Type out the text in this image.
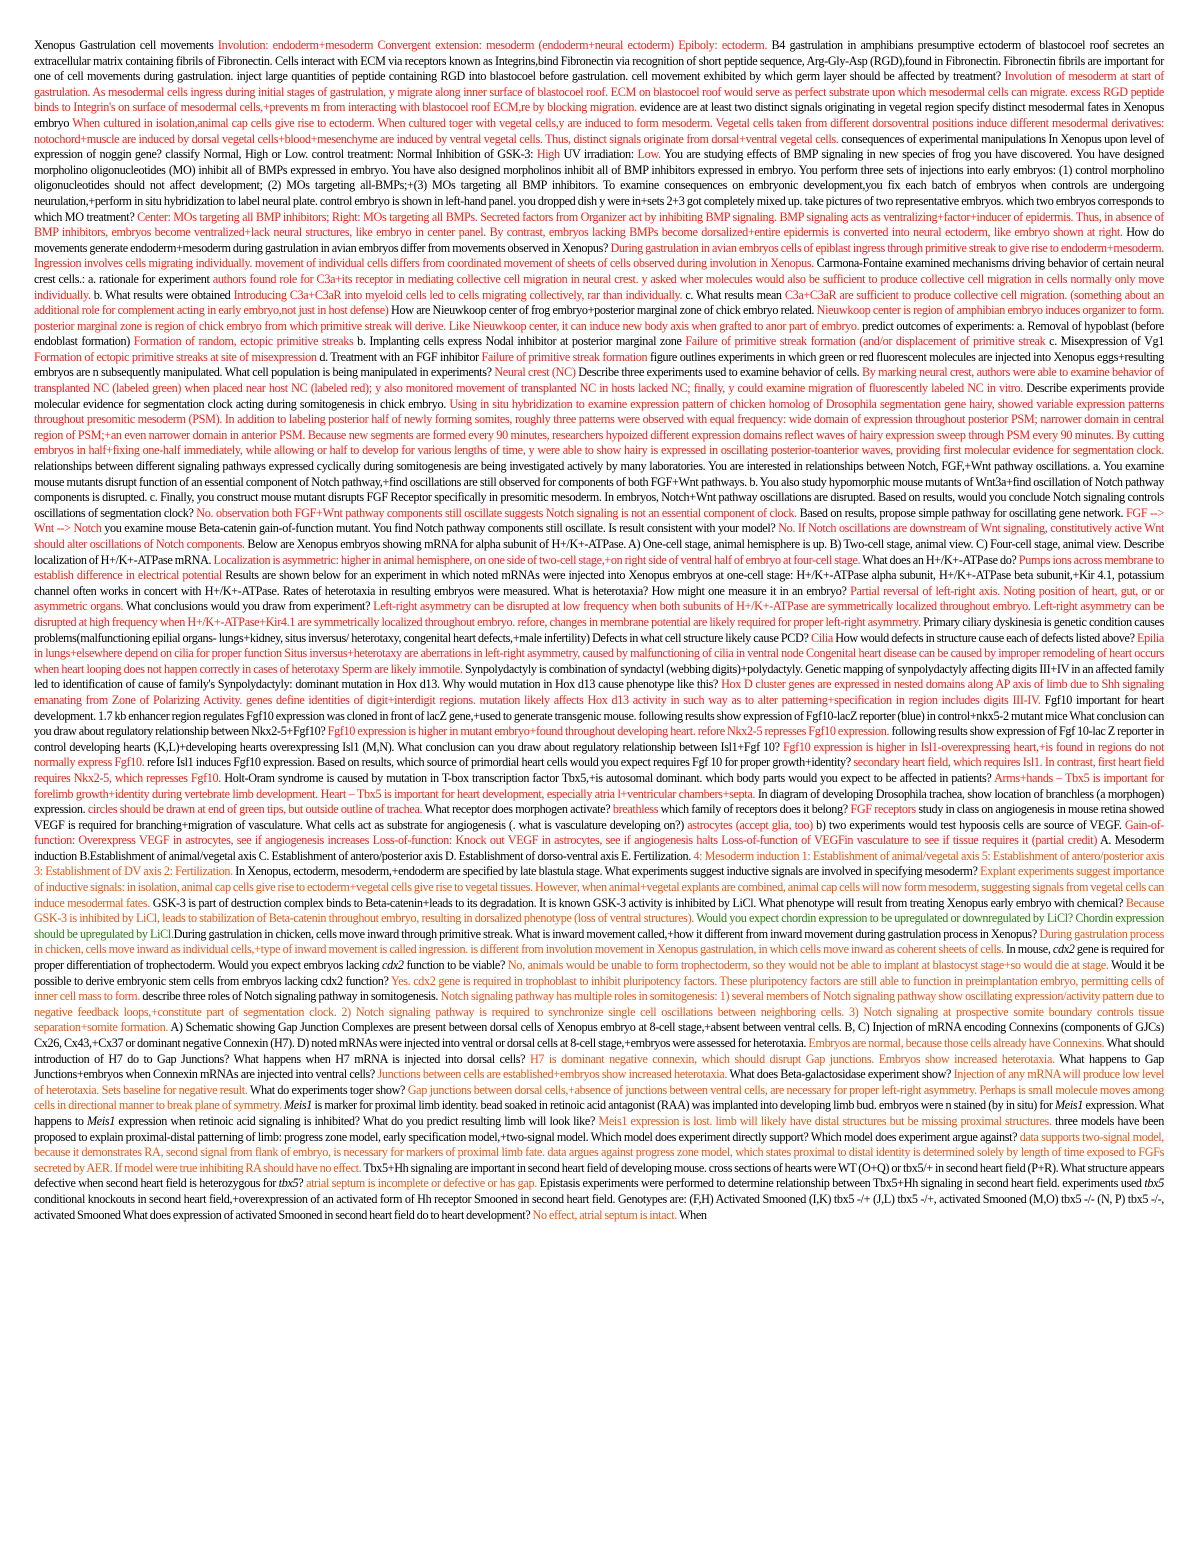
Xenopus Gastrulation cell movements Involution: endoderm+mesoderm Convergent extension: mesoderm (endoderm+neural ectoderm) Epiboly: ectoderm. B4 gastrulation in amphibians presumptive ectoderm of blastocoel roof secretes an extracellular matrix containing fibrils of Fibronectin. Cells interact with ECM via receptors known as Integrins,bind Fibronectin via recognition of short peptide sequence, Arg-Gly-Asp (RGD),found in Fibronectin. Fibronectin fibrils are important for one of cell movements during gastrulation. inject large quantities of peptide containing RGD into blastocoel before gastrulation. cell movement exhibited by which germ layer should be affected by treatment? Involution of mesoderm at start of gastrulation. As mesodermal cells ingress during initial stages of gastrulation, y migrate along inner surface of blastocoel roof. ECM on blastocoel roof would serve as perfect substrate upon which mesodermal cells can migrate. excess RGD peptide binds to Integrin's on surface of mesodermal cells,+prevents m from interacting with blastocoel roof ECM,re by blocking migration. evidence are at least two distinct signals originating in vegetal region specify distinct mesodermal fates in Xenopus embryo When cultured in isolation,animal cap cells give rise to ectoderm. When cultured toger with vegetal cells,y are induced to form mesoderm. Vegetal cells taken from different dorsoventral positions induce different mesodermal derivatives: notochord+muscle are induced by dorsal vegetal cells+blood+mesenchyme are induced by ventral vegetal cells. Thus, distinct signals originate from dorsal+ventral vegetal cells. consequences of experimental manipulations In Xenopus upon level of expression of noggin gene? classify Normal, High or Low. control treatment: Normal Inhibition of GSK-3: High UV irradiation: Low. You are studying effects of BMP signaling in new species of frog you have discovered. You have designed morpholino oligonucleotides (MO) inhibit all of BMPs expressed in embryo. You have also designed morpholinos inhibit all of BMP inhibitors expressed in embryo. You perform three sets of injections into early embryos: (1) control morpholino oligonucleotides should not affect development; (2) MOs targeting all-BMPs;+(3) MOs targeting all BMP inhibitors. To examine consequences on embryonic development,you fix each batch of embryos when controls are undergoing neurulation,+perform in situ hybridization to label neural plate. control embryo is shown in left-hand panel. you dropped dish y were in+sets 2+3 got completely mixed up. take pictures of two representative embryos. which two embryos corresponds to which MO treatment? Center: MOs targeting all BMP inhibitors; Right: MOs targeting all BMPs. Secreted factors from Organizer act by inhibiting BMP signaling. BMP signaling acts as ventralizing+factor+inducer of epidermis. Thus, in absence of BMP inhibitors, embryos become ventralized+lack neural structures, like embryo in center panel. By contrast, embryos lacking BMPs become dorsalized+entire epidermis is converted into neural ectoderm, like embryo shown at right. How do movements generate endoderm+mesoderm during gastrulation in avian embryos differ from movements observed in Xenopus? During gastrulation in avian embryos cells of epiblast ingress through primitive streak to give rise to endoderm+mesoderm. Ingression involves cells migrating individually. movement of individual cells differs from coordinated movement of sheets of cells observed during involution in Xenopus. Carmona-Fontaine examined mechanisms driving behavior of certain neural crest cells.: a. rationale for experiment authors found role for C3a+its receptor in mediating collective cell migration in neural crest. y asked wher molecules would also be sufficient to produce collective cell migration in cells normally only move individually. b. What results were obtained Introducing C3a+C3aR into myeloid cells led to cells migrating collectively, rar than individually. c. What results mean C3a+C3aR are sufficient to produce collective cell migration. (something about an additional role for complement acting in early embryo,not just in host defense) How are Nieuwkoop center of frog embryo+posterior marginal zone of chick embryo related. Nieuwkoop center is region of amphibian embryo induces organizer to form. posterior marginal zone is region of chick embryo from which primitive streak will derive. Like Nieuwkoop center, it can induce new body axis when grafted to anor part of embryo. predict outcomes of experiments: a. Removal of hypoblast (before endoblast formation) Formation of random, ectopic primitive streaks b. Implanting cells express Nodal inhibitor at posterior marginal zone Failure of primitive streak formation (and/or displacement of primitive streak c. Misexpression of Vg1 Formation of ectopic primitive streaks at site of misexpression d. Treatment with an FGF inhibitor Failure of primitive streak formation figure outlines experiments in which green or red fluorescent molecules are injected into Xenopus eggs+resulting embryos are n subsequently manipulated. What cell population is being manipulated in experiments? Neural crest (NC) Describe three experiments used to examine behavior of cells. By marking neural crest, authors were able to examine behavior of transplanted NC (labeled green) when placed near host NC (labeled red); y also monitored movement of transplanted NC in hosts lacked NC; finally, y could examine migration of fluorescently labeled NC in vitro. Describe experiments provide molecular evidence for segmentation clock acting during somitogenesis in chick embryo. Using in situ hybridization to examine expression pattern of chicken homolog of Drosophila segmentation gene hairy, showed variable expression patterns throughout presomitic mesoderm (PSM). In addition to labeling posterior half of newly forming somites, roughly three patterns were observed with equal frequency: wide domain of expression throughout posterior PSM; narrower domain in central region of PSM;+an even narrower domain in anterior PSM. Because new segments are formed every 90 minutes, researchers hypoized different expression domains reflect waves of hairy expression sweep through PSM every 90 minutes. By cutting embryos in half+fixing one-half immediately, while allowing or half to develop for various lengths of time, y were able to show hairy is expressed in oscillating posterior-toanterior waves, providing first molecular evidence for segmentation clock. relationships between different signaling pathways expressed cyclically during somitogenesis are being investigated actively by many laboratories. You are interested in relationships between Notch, FGF,+Wnt pathway oscillations. a. You examine mouse mutants disrupt function of an essential component of Notch pathway,+find oscillations are still observed for components of both FGF+Wnt pathways. b. You also study hypomorphic mouse mutants of Wnt3a+find oscillation of Notch pathway components is disrupted. c. Finally, you construct mouse mutant disrupts FGF Receptor specifically in presomitic mesoderm. In embryos, Notch+Wnt pathway oscillations are disrupted. Based on results, would you conclude Notch signaling controls oscillations of segmentation clock? No. observation both FGF+Wnt pathway components still oscillate suggests Notch signaling is not an essential component of clock. Based on results, propose simple pathway for oscillating gene network. FGF --> Wnt --> Notch you examine mouse Beta-catenin gain-of-function mutant. You find Notch pathway components still oscillate. Is result consistent with your model? No. If Notch oscillations are downstream of Wnt signaling, constitutively active Wnt should alter oscillations of Notch components. Below are Xenopus embryos showing mRNA for alpha subunit of H+/K+-ATPase. A) One-cell stage, animal hemisphere is up. B) Two-cell stage, animal view. C) Four-cell stage, animal view. Describe localization of H+/K+-ATPase mRNA. Localization is asymmetric: higher in animal hemisphere, on one side of two-cell stage,+on right side of ventral half of embryo at four-cell stage. What does an H+/K+-ATPase do? Pumps ions across membrane to establish difference in electrical potential Results are shown below for an experiment in which noted mRNAs were injected into Xenopus embryos at one-cell stage: H+/K+-ATPase alpha subunit, H+/K+-ATPase beta subunit,+Kir 4.1, potassium channel often works in concert with H+/K+-ATPase. Rates of heterotaxia in resulting embryos were measured. What is heterotaxia? How might one measure it in an embryo? Partial reversal of left-right axis. Noting position of heart, gut, or or asymmetric organs. What conclusions would you draw from experiment? Left-right asymmetry can be disrupted at low frequency when both subunits of H+/K+-ATPase are symmetrically localized throughout embryo. Left-right asymmetry can be disrupted at high frequency when H+/K+-ATPase+Kir4.1 are symmetrically localized throughout embryo. refore, changes in membrane potential are likely required for proper left-right asymmetry. Primary ciliary dyskinesia is genetic condition causes problems(malfunctioning epilial organs- lungs+kidney, situs inversus/ heterotaxy, congenital heart defects,+male infertility) Defects in what cell structure likely cause PCD? Cilia How would defects in structure cause each of defects listed above? Epilia in lungs+elsewhere depend on cilia for proper function Situs inversus+heterotaxy are aberrations in left-right asymmetry, caused by malfunctioning of cilia in ventral node Congenital heart disease can be caused by improper remodeling of heart occurs when heart looping does not happen correctly in cases of heterotaxy Sperm are likely immotile. Synpolydactyly is combination of syndactyl (webbing digits)+polydactyly. Genetic mapping of synpolydactyly affecting digits III+IV in an affected family led to identification of cause of family's Synpolydactyly: dominant mutation in Hox d13. Why would mutation in Hox d13 cause phenotype like this? Hox D cluster genes are expressed in nested domains along AP axis of limb due to Shh signaling emanating from Zone of Polarizing Activity. genes define identities of digit+interdigit regions. mutation likely affects Hox d13 activity in such way as to alter patterning+specification in region includes digits III-IV. Fgf10 important for heart development. 1.7 kb enhancer region regulates Fgf10 expression was cloned in front of lacZ gene,+used to generate transgenic mouse. following results show expression of Fgf10-lacZ reporter (blue) in control+nkx5-2 mutant mice What conclusion can you draw about regulatory relationship between Nkx2-5+Fgf10? Fgf10 expression is higher in mutant embryo+found throughout developing heart. refore Nkx2-5 represses Fgf10 expression. following results show expression of Fgf 10-lac Z reporter in control developing hearts (K,L)+developing hearts overexpressing Isl1 (M,N). What conclusion can you draw about regulatory relationship between Isl1+Fgf 10? Fgf10 expression is higher in Isl1-overexpressing heart,+is found in regions do not normally express Fgf10. refore Isl1 induces Fgf10 expression. Based on results, which source of primordial heart cells would you expect requires Fgf 10 for proper growth+identity? secondary heart field, which requires Isl1. In contrast, first heart field requires Nkx2-5, which represses Fgf10. Holt-Oram syndrome is caused by mutation in T-box transcription factor Tbx5,+is autosomal dominant. which body parts would you expect to be affected in patients? Arms+hands – Tbx5 is important for forelimb growth+identity during vertebrate limb development. Heart – Tbx5 is important for heart development, especially atria l+ventricular chambers+septa. In diagram of developing Drosophila trachea, show location of branchless (a morphogen) expression. circles should be drawn at end of green tips, but outside outline of trachea. What receptor does morphogen activate? breathless which family of receptors does it belong? FGF receptors study in class on angiogenesis in mouse retina showed VEGF is required for branching+migration of vasculature. What cells act as substrate for angiogenesis (. what is vasculature developing on?) astrocytes (accept glia, too) b) two experiments would test hypoosis cells are source of VEGF. Gain-of-function: Overexpress VEGF in astrocytes, see if angiogenesis increases Loss-of-function: Knock out VEGF in astrocytes, see if angiogenesis halts Loss-of-function of VEGFin vasculature to see if tissue requires it (partial credit) A. Mesoderm induction B.Establishment of animal/vegetal axis C. Establishment of antero/posterior axis D. Establishment of dorso-ventral axis E. Fertilization. 4: Mesoderm induction 1: Establishment of animal/vegetal axis 5: Establishment of antero/posterior axis 3: Establishment of DV axis 2: Fertilization. In Xenopus, ectoderm, mesoderm,+endoderm are specified by late blastula stage. What experiments suggest inductive signals are involved in specifying mesoderm? Explant experiments suggest importance of inductive signals: in isolation, animal cap cells give rise to ectoderm+vegetal cells give rise to vegetal tissues. However, when animal+vegetal explants are combined, animal cap cells will now form mesoderm, suggesting signals from vegetal cells can induce mesodermal fates. GSK-3 is part of destruction complex binds to Beta-catenin+leads to its degradation. It is known GSK-3 activity is inhibited by LiCl. What phenotype will result from treating Xenopus early embryo with chemical? Because GSK-3 is inhibited by LiCl, leads to stabilization of Beta-catenin throughout embryo, resulting in dorsalized phenotype (loss of ventral structures). Would you expect chordin expression to be upregulated or downregulated by LiCl? Chordin expression should be upregulated by LiCl.During gastrulation in chicken, cells move inward through primitive streak. What is inward movement called,+how it different from inward movement during gastrulation process in Xenopus? During gastrulation process in chicken, cells move inward as individual cells,+type of inward movement is called ingression. is different from involution movement in Xenopus gastrulation, in which cells move inward as coherent sheets of cells. In mouse, cdx2 gene is required for proper differentiation of trophectoderm. Would you expect embryos lacking cdx2 function to be viable? No, animals would be unable to form trophectoderm, so they would not be able to implant at blastocyst stage+so would die at stage. Would it be possible to derive embryonic stem cells from embryos lacking cdx2 function? Yes. cdx2 gene is required in trophoblast to inhibit pluripotency factors. These pluripotency factors are still able to function in preimplantation embryo, permitting cells of inner cell mass to form. describe three roles of Notch signaling pathway in somitogenesis. Notch signaling pathway has multiple roles in somitogenesis: 1) several members of Notch signaling pathway show oscillating expression/activity pattern due to negative feedback loops,+constitute part of segmentation clock. 2) Notch signaling pathway is required to synchronize single cell oscillations between neighboring cells. 3) Notch signaling at prospective somite boundary controls tissue separation+somite formation. A) Schematic showing Gap Junction Complexes are present between dorsal cells of Xenopus embryo at 8-cell stage,+absent between ventral cells. B, C) Injection of mRNA encoding Connexins (components of GJCs) Cx26, Cx43,+Cx37 or dominant negative Connexin (H7). D) noted mRNAs were injected into ventral or dorsal cells at 8-cell stage,+embryos were assessed for heterotaxia. Embryos are normal, because those cells already have Connexins. What should introduction of H7 do to Gap Junctions? What happens when H7 mRNA is injected into dorsal cells? H7 is dominant negative connexin, which should disrupt Gap junctions. Embryos show increased heterotaxia. What happens to Gap Junctions+embryos when Connexin mRNAs are injected into ventral cells? Junctions between cells are established+embryos show increased heterotaxia. What does Beta-galactosidase experiment show? Injection of any mRNA will produce low level of heterotaxia. Sets baseline for negative result. What do experiments toger show? Gap junctions between dorsal cells,+absence of junctions between ventral cells, are necessary for proper left-right asymmetry. Perhaps is small molecule moves among cells in directional manner to break plane of symmetry. Meis1 is marker for proximal limb identity. bead soaked in retinoic acid antagonist (RAA) was implanted into developing limb bud. embryos were n stained (by in situ) for Meis1 expression. What happens to Meis1 expression when retinoic acid signaling is inhibited? What do you predict resulting limb will look like? Meis1 expression is lost. limb will likely have distal structures but be missing proximal structures. three models have been proposed to explain proximal-distal patterning of limb: progress zone model, early specification model,+two-signal model. Which model does experiment directly support? Which model does experiment argue against? data supports two-signal model, because it demonstrates RA, second signal from flank of embryo, is necessary for markers of proximal limb fate. data argues against progress zone model, which states proximal to distal identity is determined solely by length of time exposed to FGFs secreted by AER. If model were true inhibiting RA should have no effect. Tbx5+Hh signaling are important in second heart field of developing mouse. cross sections of hearts were WT (O+Q) or tbx5/+ in second heart field (P+R). What structure appears defective when second heart field is heterozygous for tbx5? atrial septum is incomplete or defective or has gap. Epistasis experiments were performed to determine relationship between Tbx5+Hh signaling in second heart field. experiments used tbx5 conditional knockouts in second heart field,+overexpression of an activated form of Hh receptor Smooned in second heart field. Genotypes are: (F,H) Activated Smooned (I,K) tbx5 -/+ (J,L) tbx5 -/+, activated Smooned (M,O) tbx5 -/- (N, P) tbx5 -/-, activated Smooned What does expression of activated Smooned in second heart field do to heart development? No effect, atrial septum is intact. When
